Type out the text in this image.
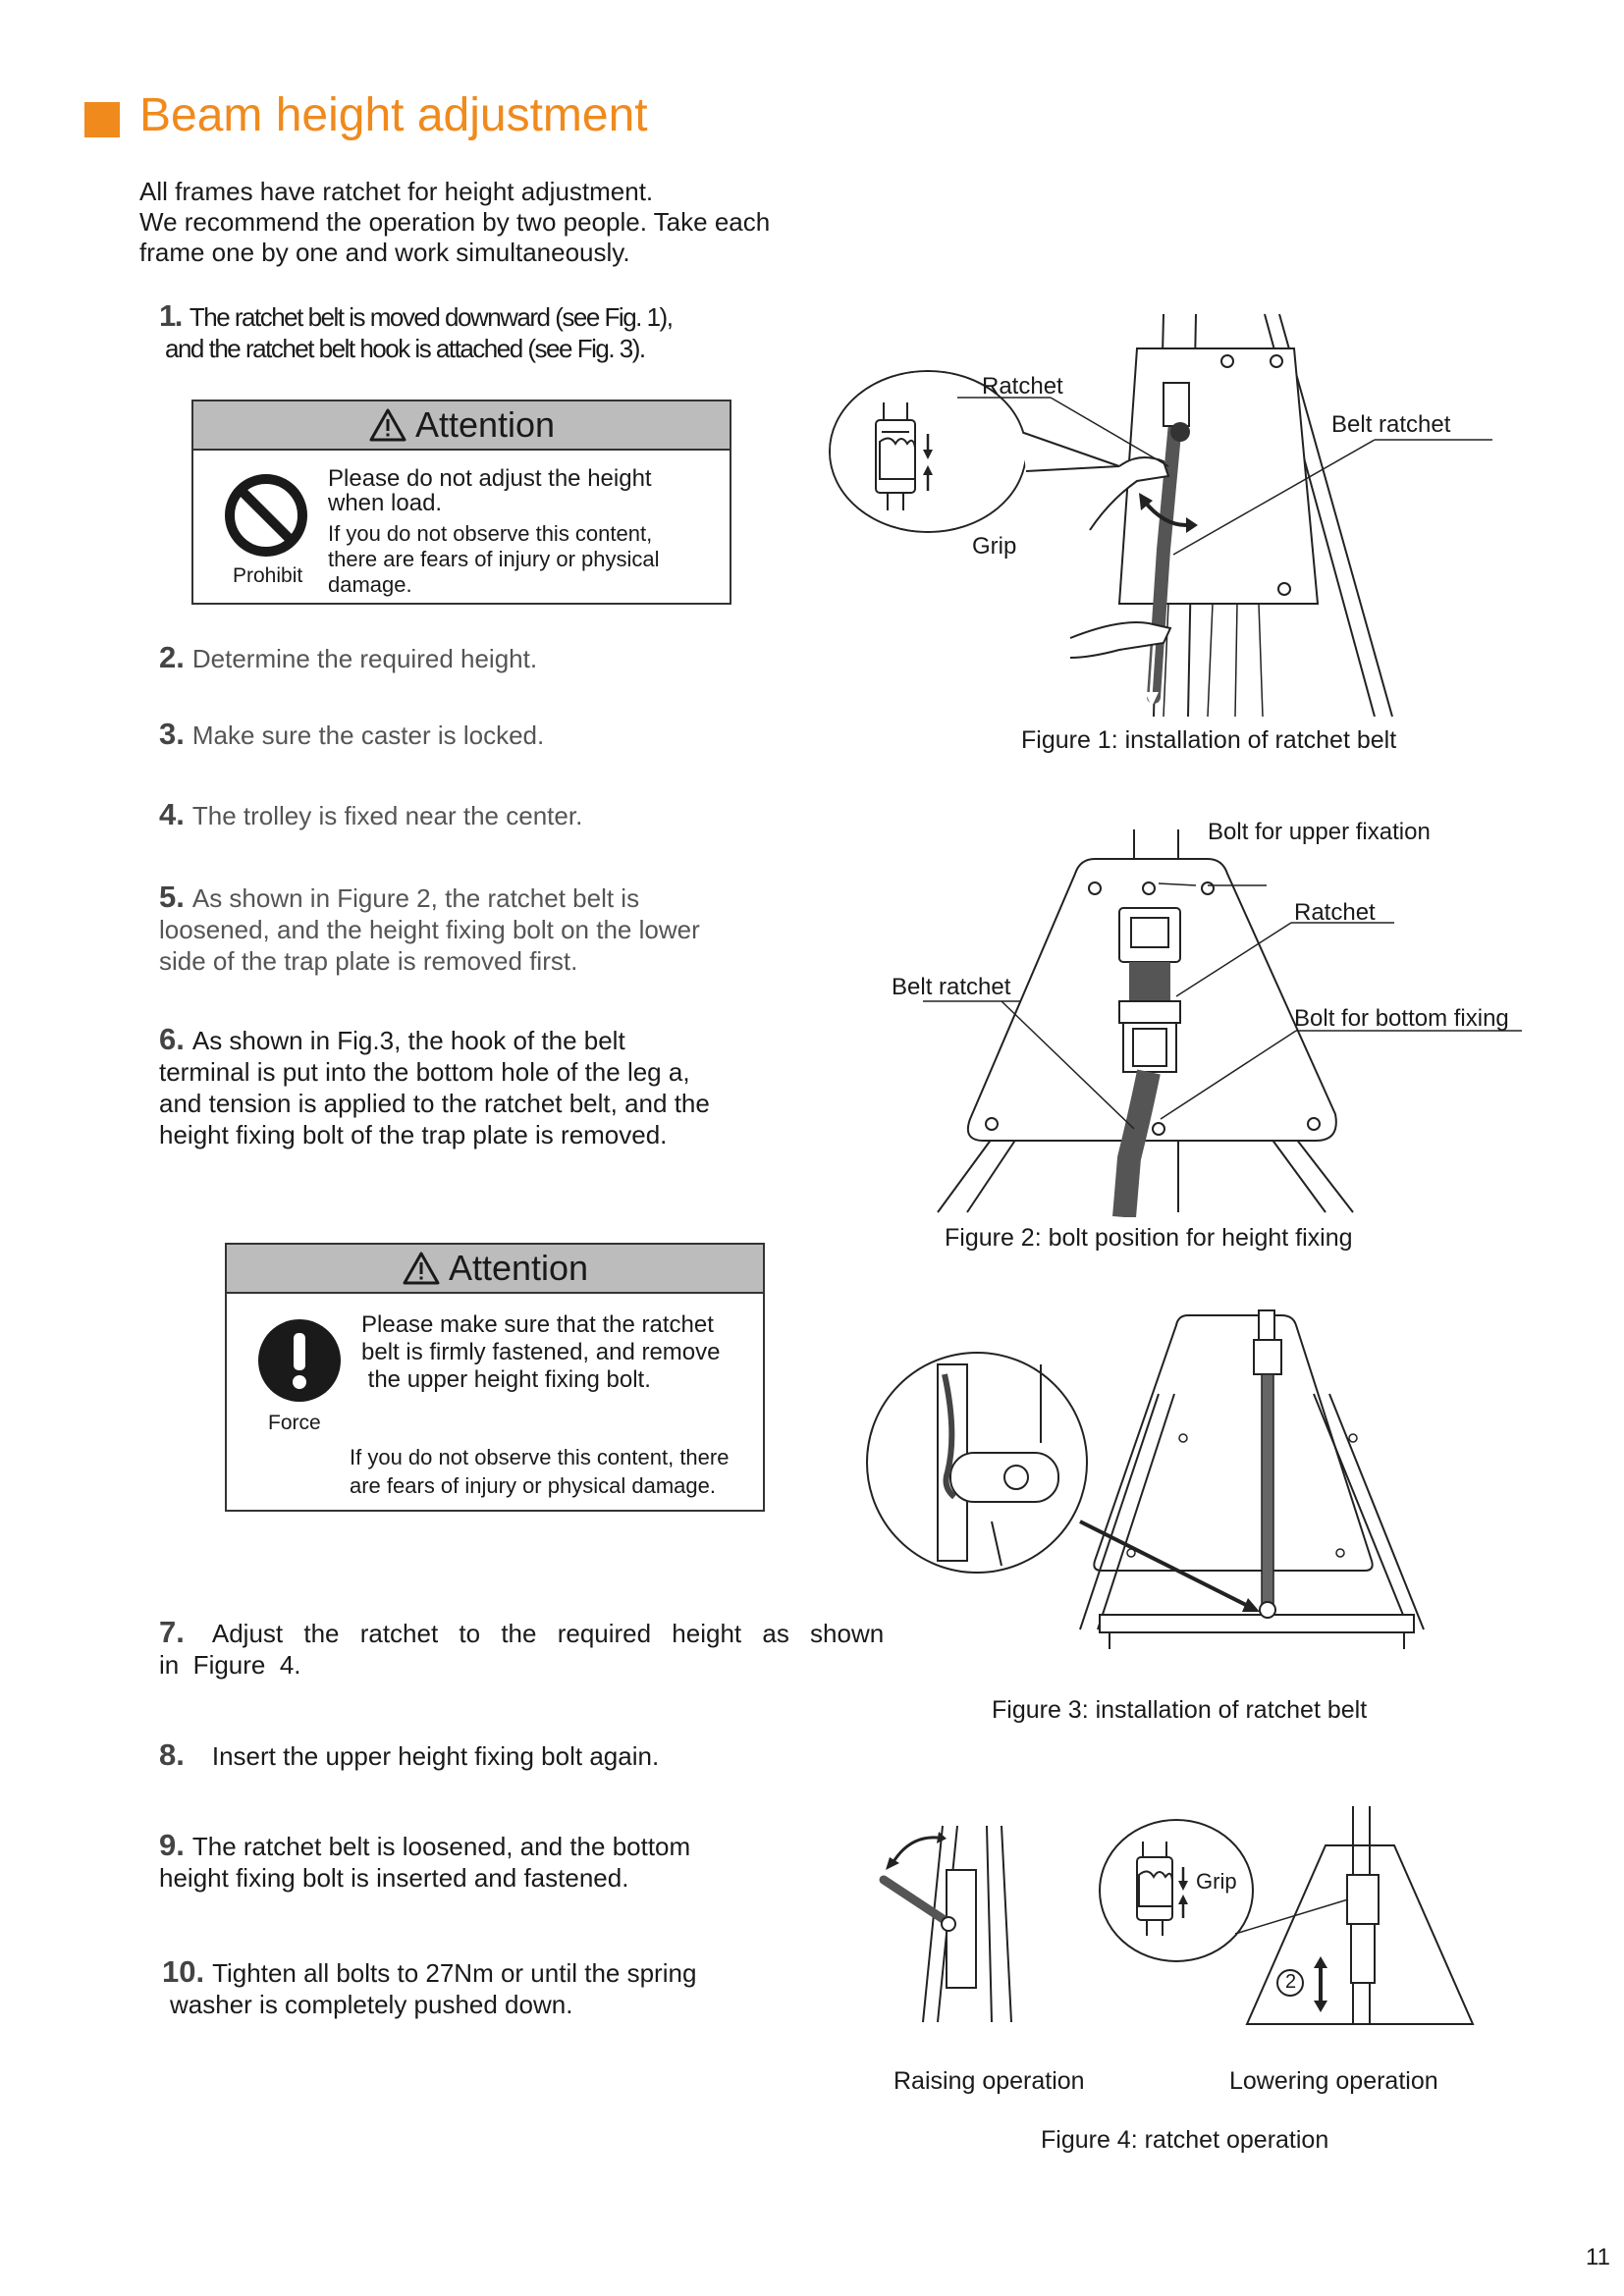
Beam height adjustment
All frames have ratchet for height adjustment.
We recommend the operation by two people. Take each
frame one by one and work simultaneously.
1. The ratchet belt is moved downward (see Fig. 1),
and the ratchet belt hook is attached (see Fig. 3).
Attention
Prohibit
Please do not adjust the height
when load.
If you do not observe this content,
there are fears of injury or physical
damage.
2. Determine the required height.
3. Make sure the caster is locked.
4. The trolley is fixed near the center.
5. As shown in Figure 2, the ratchet belt is
loosened, and the height fixing bolt on the lower
side of the trap plate is removed first.
6. As shown in Fig.3, the hook of the belt
terminal is put into the bottom hole of the leg a,
and tension is applied to the ratchet belt, and the
height fixing bolt of the trap plate is removed.
Attention
Force
Please make sure that the ratchet
belt is firmly fastened, and remove
the upper height fixing bolt.
If you do not observe this content, there
are fears of injury or physical damage.
7. Adjust the ratchet to the required height as shown
in  Figure  4.
8. Insert the upper height fixing bolt again.
9. The ratchet belt is loosened, and the bottom
height fixing bolt is inserted and fastened.
10. Tighten all bolts to 27Nm or until the spring
washer is completely pushed down.
Ratchet
Belt ratchet
Grip
Figure 1: installation of ratchet belt
Bolt for upper fixation
Ratchet
Belt ratchet
Bolt for bottom fixing
Figure 2: bolt position for height fixing
Figure 3: installation of ratchet belt
Grip
2
Raising operation	Lowering operation
Figure 4: ratchet operation
11
